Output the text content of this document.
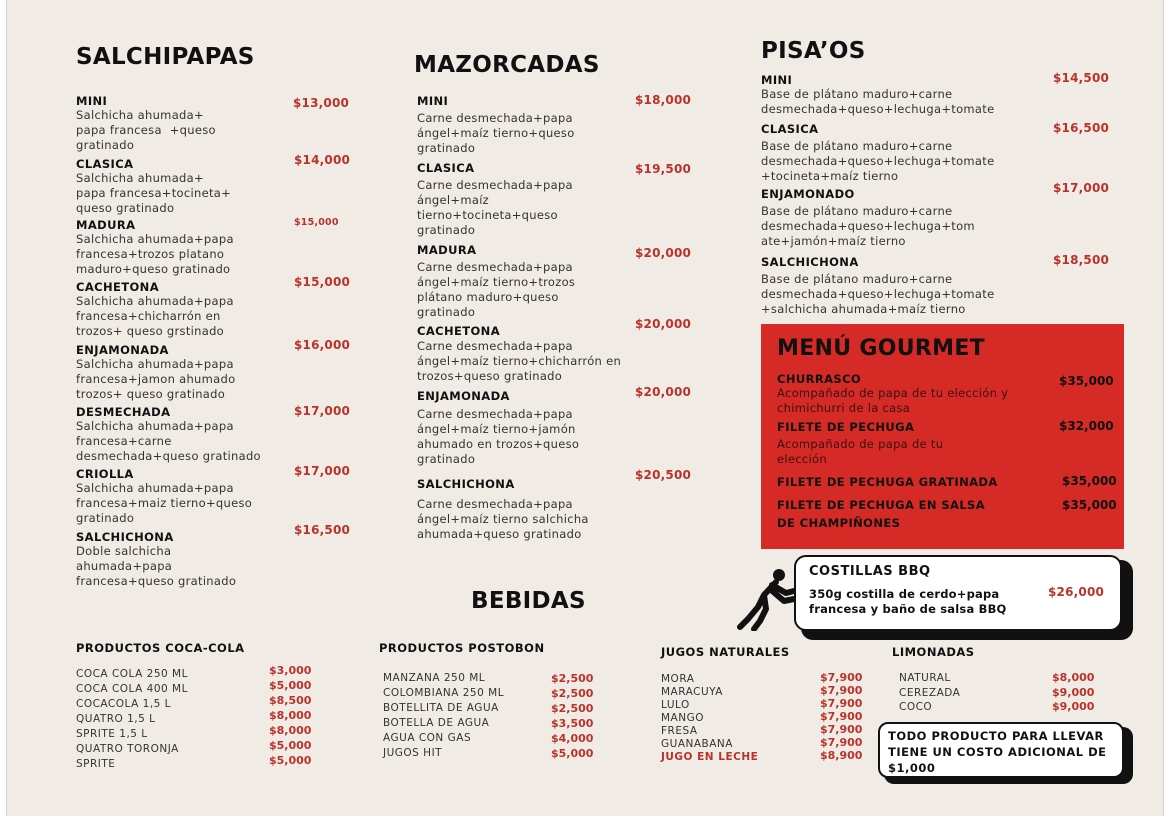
SALCHIPAPAS
MINI
Salchicha ahumada+
papa francesa  +queso
gratinado
$13,000
CLASICA
Salchicha ahumada+
papa francesa+tocineta+
queso gratinado
$14,000
MADURA
Salchicha ahumada+papa
francesa+trozos platano
maduro+queso gratinado
$15,000
CACHETONA
Salchicha ahumada+papa
francesa+chicharrón en
trozos+ queso grstinado
$15,000
ENJAMONADA
Salchicha ahumada+papa
francesa+jamon ahumado
trozos+ queso gratinado
$16,000
DESMECHADA
Salchicha ahumada+papa
francesa+carne
desmechada+queso gratinado
$17,000
CRIOLLA
Salchicha ahumada+papa
francesa+maiz tierno+queso
gratinado
$17,000
SALCHICHONA
Doble salchicha
ahumada+papa
francesa+queso gratinado
$16,500
MAZORCADAS
MINI
Carne desmechada+papa
ángel+maíz tierno+queso
gratinado
$18,000
CLASICA
Carne desmechada+papa
ángel+maíz
tierno+tocineta+queso
gratinado
$19,500
MADURA
Carne desmechada+papa
ángel+maíz tierno+trozos
plátano maduro+queso
gratinado
$20,000
CACHETONA
Carne desmechada+papa
ángel+maíz tierno+chicharrón en
trozos+queso gratinado
$20,000
ENJAMONADA
Carne desmechada+papa
ángel+maíz tierno+jamón
ahumado en trozos+queso
gratinado
$20,000
SALCHICHONA
Carne desmechada+papa
ángel+maíz tierno salchicha
ahumada+queso gratinado
$20,500
PISA’OS
MINI
Base de plátano maduro+carne
desmechada+queso+lechuga+tomate
$14,500
CLASICA
Base de plátano maduro+carne
desmechada+queso+lechuga+tomate
+tocineta+maíz tierno
$16,500
ENJAMONADO
Base de plátano maduro+carne
desmechada+queso+lechuga+tom
ate+jamón+maíz tierno
$17,000
SALCHICHONA
Base de plátano maduro+carne
desmechada+queso+lechuga+tomate
+salchicha ahumada+maíz tierno
$18,500
MENÚ GOURMET
CHURRASCO
Acompañado de papa de tu elección y
chimichurri de la casa
$35,000
FILETE DE PECHUGA
Acompañado de papa de tu
elección
$32,000
FILETE DE PECHUGA GRATINADA	$35,000
FILETE DE PECHUGA EN SALSA
DE CHAMPIÑONES
$35,000
COSTILLAS BBQ
350g costilla de cerdo+papa
francesa y baño de salsa BBQ
$26,000
BEBIDAS
PRODUCTOS COCA-COLA
COCA COLA 250 ML
COCA COLA 400 ML
COCACOLA 1,5 L
QUATRO 1,5 L
SPRITE 1,5 L
QUATRO TORONJA
SPRITE
$3,000
$5,000
$8,500
$8,000
$8,000
$5,000
$5,000
PRODUCTOS POSTOBON
MANZANA 250 ML
COLOMBIANA 250 ML
BOTELLITA DE AGUA
BOTELLA DE AGUA
AGUA CON GAS
JUGOS HIT
$2,500
$2,500
$2,500
$3,500
$4,000
$5,000
JUGOS NATURALES
MORA
MARACUYA
LULO
MANGO
FRESA
GUANABANA
JUGO EN LECHE
$7,900
$7,900
$7,900
$7,900
$7,900
$7,900
$8,900
LIMONADAS
NATURAL
CEREZADA
COCO
$8,000
$9,000
$9,000
TODO PRODUCTO PARA LLEVAR
TIENE UN COSTO ADICIONAL DE
$1,000
